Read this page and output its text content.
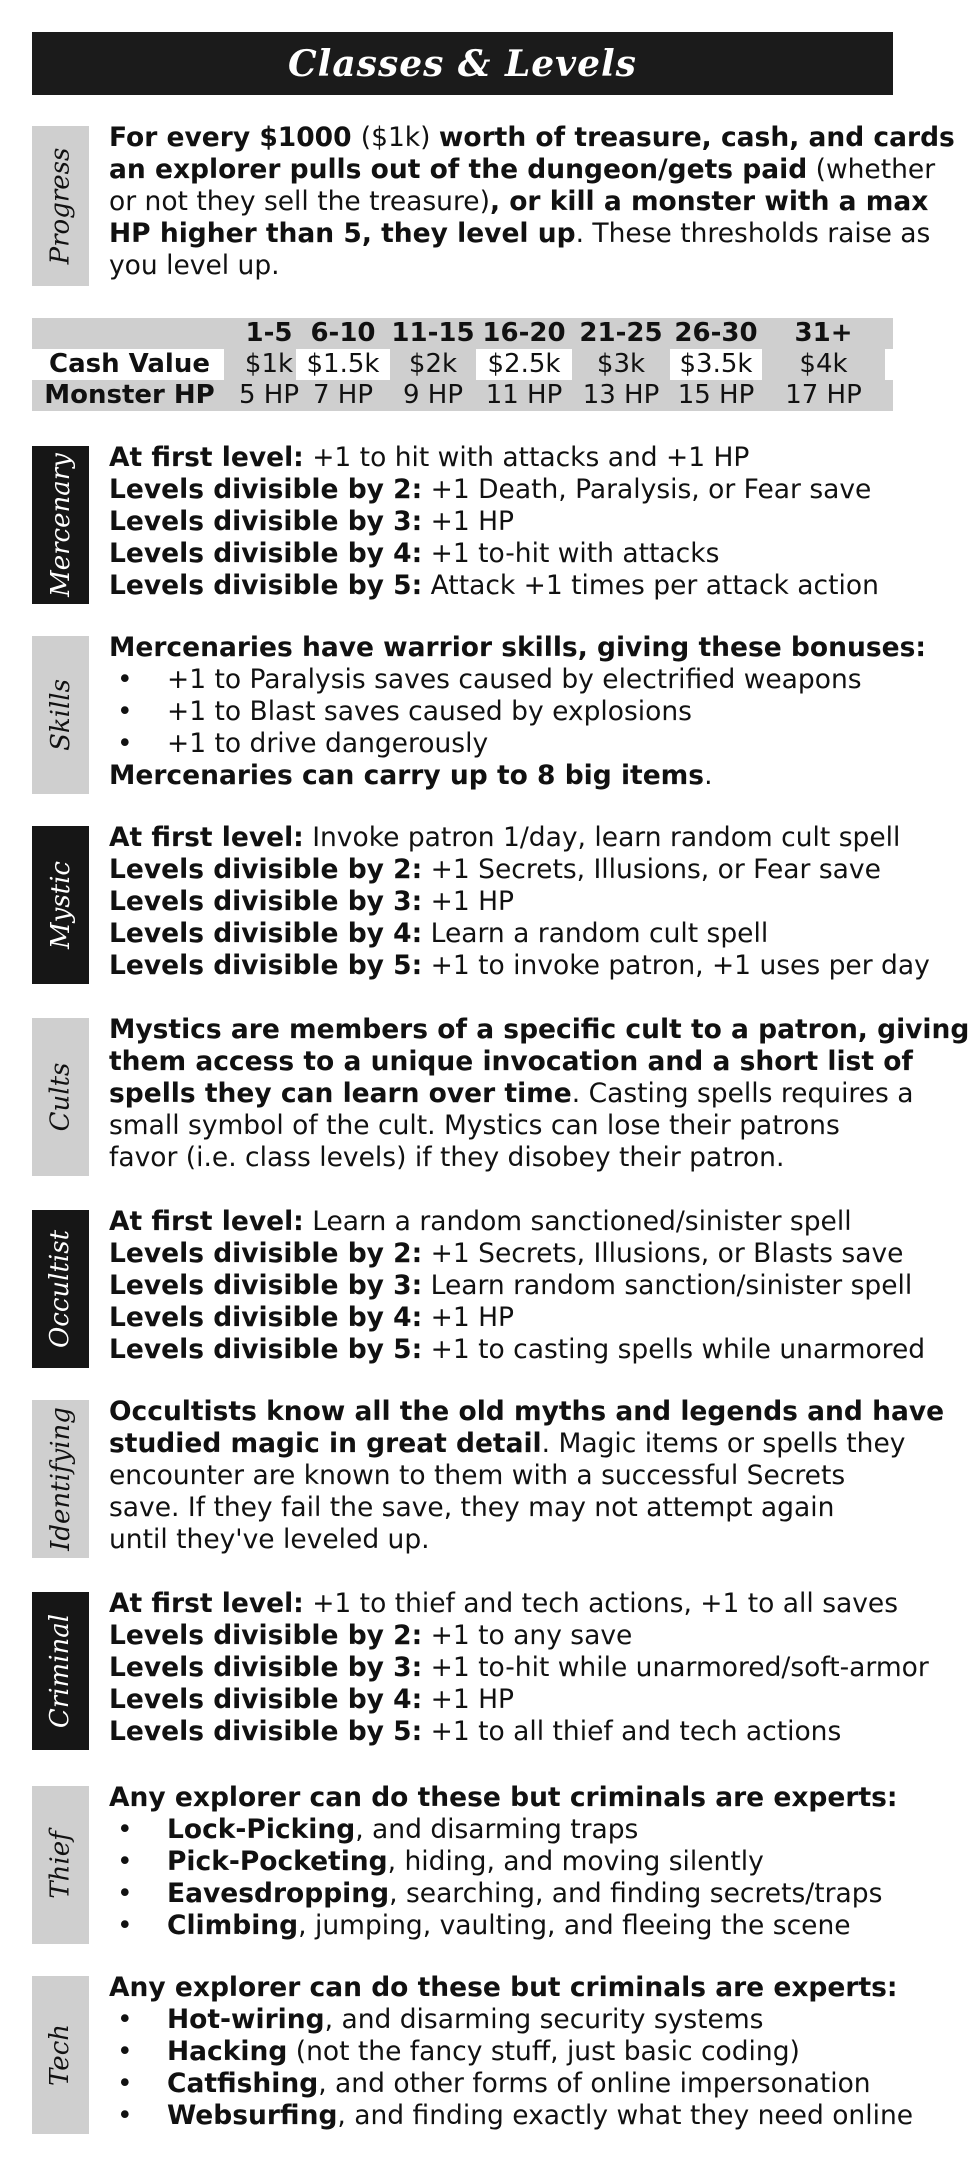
Classes & Levels
Progress
For every $1000 ($1k) worth of treasure, cash, and cards
an explorer pulls out of the dungeon/gets paid (whether
or not they sell the treasure), or kill a monster with a max
HP higher than 5, they level up. These thresholds raise as
you level up.
1-5 6-10 11-15 16-20 21-25 26-30	31+
Cash Value	$1k $1.5k	$2k	$2.5k	$3k	$3.5k	$4k
Monster HP 5 HP 7 HP	9 HP 11 HP 13 HP 15 HP	17 HP
Mercenary At first level: +1 to hit with attacks and +1 HP
Levels divisible by 2: +1 Death, Paralysis, or Fear save
Levels divisible by 3: +1 HP
Levels divisible by 4: +1 to-hit with attacks
Levels divisible by 5: Attack +1 times per attack action
Skills
Mercenaries have warrior skills, giving these bonuses:
•	+1 to Paralysis saves caused by electrified weapons
•	+1 to Blast saves caused by explosions
•	+1 to drive dangerously
Mercenaries can carry up to 8 big items.
Mystic
At first level: Invoke patron 1/day, learn random cult spell
Levels divisible by 2: +1 Secrets, Illusions, or Fear save
Levels divisible by 3: +1 HP
Levels divisible by 4: Learn a random cult spell
Levels divisible by 5: +1 to invoke patron, +1 uses per day
Cults
Mystics are members of a specific cult to a patron, giving
them access to a unique invocation and a short list of
spells they can learn over time. Casting spells requires a
small symbol of the cult. Mystics can lose their patrons
favor (i.e. class levels) if they disobey their patron.
Occultist
At first level: Learn a random sanctioned/sinister spell
Levels divisible by 2: +1 Secrets, Illusions, or Blasts save
Levels divisible by 3: Learn random sanction/sinister spell
Levels divisible by 4: +1 HP
Levels divisible by 5: +1 to casting spells while unarmored
Identifying Occultists know all the old myths and legends and have
studied magic in great detail. Magic items or spells they
encounter are known to them with a successful Secrets
save. If they fail the save, they may not attempt again
until they've leveled up.
Criminal
At first level: +1 to thief and tech actions, +1 to all saves
Levels divisible by 2: +1 to any save
Levels divisible by 3: +1 to-hit while unarmored/soft-armor
Levels divisible by 4: +1 HP
Levels divisible by 5: +1 to all thief and tech actions
Thief
Any explorer can do these but criminals are experts:
•	Lock-Picking, and disarming traps
•	Pick-Pocketing, hiding, and moving silently
•	Eavesdropping, searching, and finding secrets/traps
•	Climbing, jumping, vaulting, and fleeing the scene
Tech
Any explorer can do these but criminals are experts:
•	Hot-wiring, and disarming security systems
•	Hacking (not the fancy stuff, just basic coding)
•	Catfishing, and other forms of online impersonation
•	Websurfing, and finding exactly what they need online
